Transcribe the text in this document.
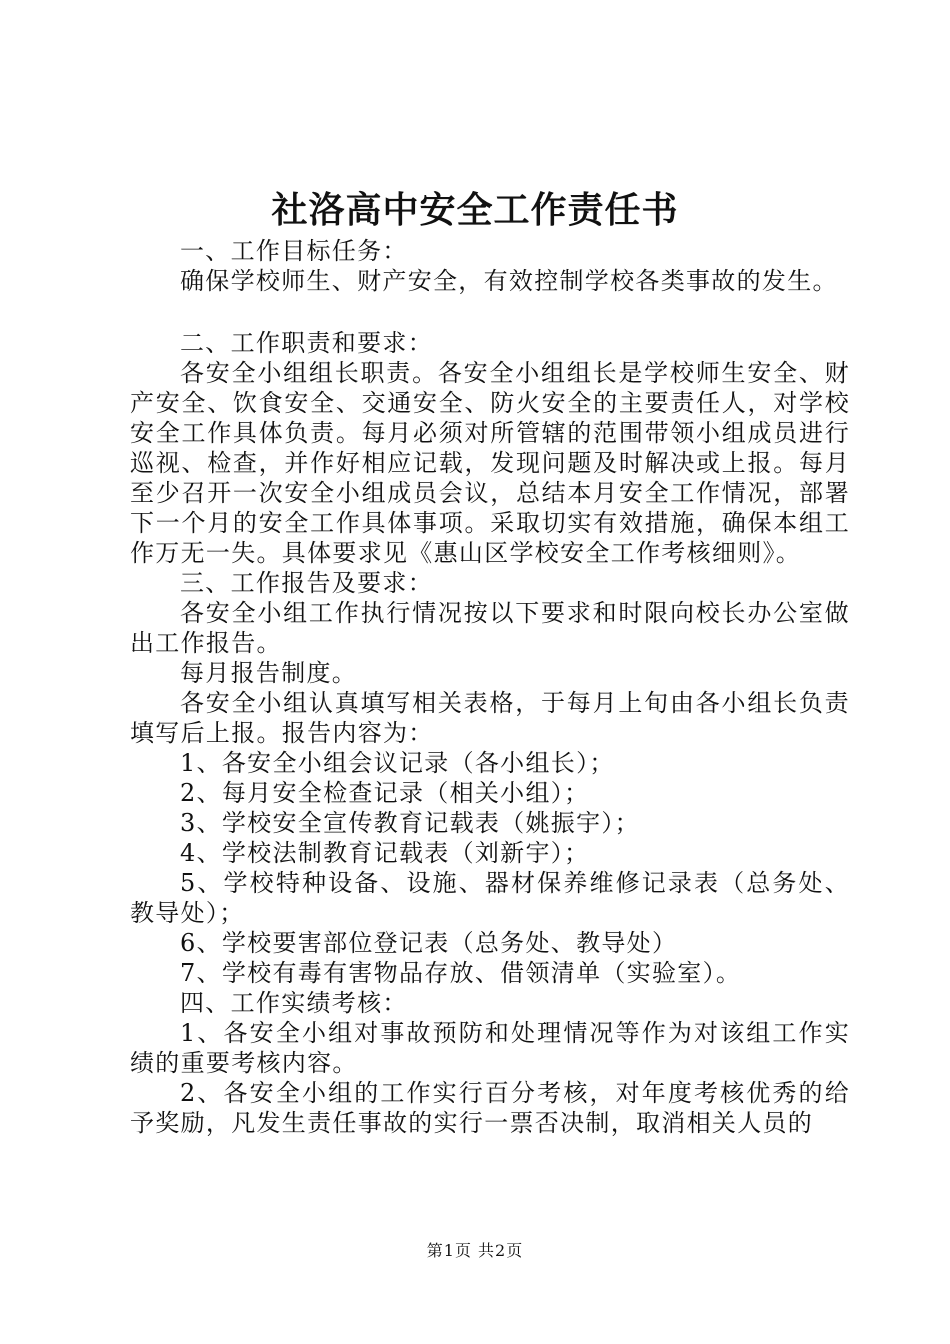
社洛高中安全工作责任书

一、工作目标任务：

确保学校师生、财产安全，有效控制学校各类事故的发生。

二、工作职责和要求：

各安全小组组长职责。各安全小组组长是学校师生安全、财产安全、饮食安全、交通安全、防火安全的主要责任人，对学校安全工作具体负责。每月必须对所管辖的范围带领小组成员进行巡视、检查，并作好相应记载，发现问题及时解决或上报。每月至少召开一次安全小组成员会议，总结本月安全工作情况，部署下一个月的安全工作具体事项。采取切实有效措施，确保本组工作万无一失。具体要求见《惠山区学校安全工作考核细则》。

三、工作报告及要求：

各安全小组工作执行情况按以下要求和时限向校长办公室做出工作报告。

每月报告制度。

各安全小组认真填写相关表格，于每月上旬由各小组长负责填写后上报。报告内容为：

1、各安全小组会议记录（各小组长）；

2、每月安全检查记录（相关小组）；

3、学校安全宣传教育记载表（姚振宇）；

4、学校法制教育记载表（刘新宇）；

5、学校特种设备、设施、器材保养维修记录表（总务处、教导处）；

6、学校要害部位登记表（总务处、教导处）

7、学校有毒有害物品存放、借领清单（实验室）。

四、工作实绩考核：

1、各安全小组对事故预防和处理情况等作为对该组工作实绩的重要考核内容。

2、各安全小组的工作实行百分考核，对年度考核优秀的给予奖励，凡发生责任事故的实行一票否决制，取消相关人员的

第1页 共2页
